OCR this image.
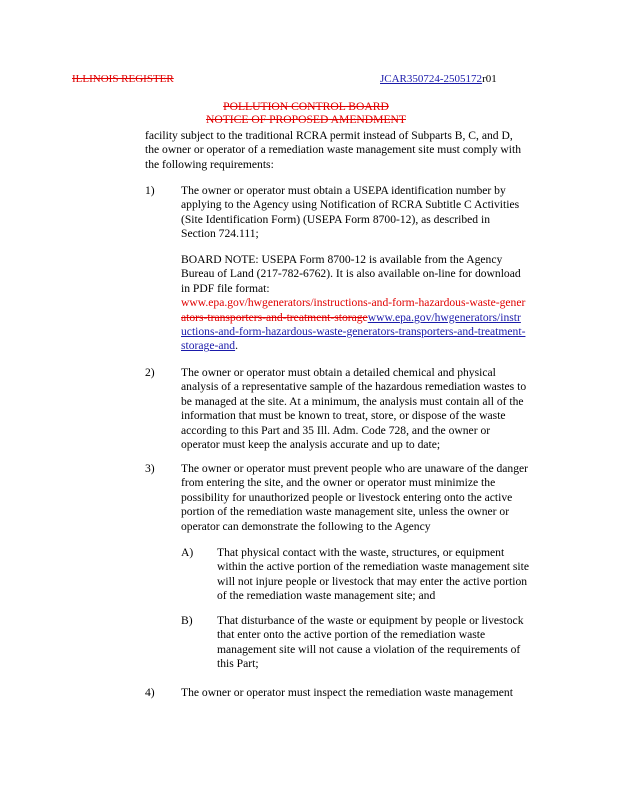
ILLINOIS REGISTER	JCAR350724-2505172r01
POLLUTION CONTROL BOARD
NOTICE OF PROPOSED AMENDMENT
facility subject to the traditional RCRA permit instead of Subparts B, C, and D,
the owner or operator of a remediation waste management site must comply with
the following requirements:
1) The owner or operator must obtain a USEPA identification number by
applying to the Agency using Notification of RCRA Subtitle C Activities
(Site Identification Form) (USEPA Form 8700-12), as described in
Section 724.111;
BOARD NOTE: USEPA Form 8700-12 is available from the Agency
Bureau of Land (217-782-6762). It is also available on-line for download
in PDF file format:
www.epa.gov/hwgenerators/instructions-and-form-hazardous-waste-gener
ators-transporters-and-treatment-storagewww.epa.gov/hwgenerators/instr
uctions-and-form-hazardous-waste-generators-transporters-and-treatment-
storage-and.
2) The owner or operator must obtain a detailed chemical and physical
analysis of a representative sample of the hazardous remediation wastes to
be managed at the site. At a minimum, the analysis must contain all of the
information that must be known to treat, store, or dispose of the waste
according to this Part and 35 Ill. Adm. Code 728, and the owner or
operator must keep the analysis accurate and up to date;
3) The owner or operator must prevent people who are unaware of the danger
from entering the site, and the owner or operator must minimize the
possibility for unauthorized people or livestock entering onto the active
portion of the remediation waste management site, unless the owner or
operator can demonstrate the following to the Agency
A) That physical contact with the waste, structures, or equipment
within the active portion of the remediation waste management site
will not injure people or livestock that may enter the active portion
of the remediation waste management site; and
B) That disturbance of the waste or equipment by people or livestock
that enter onto the active portion of the remediation waste
management site will not cause a violation of the requirements of
this Part;
4) The owner or operator must inspect the remediation waste management
